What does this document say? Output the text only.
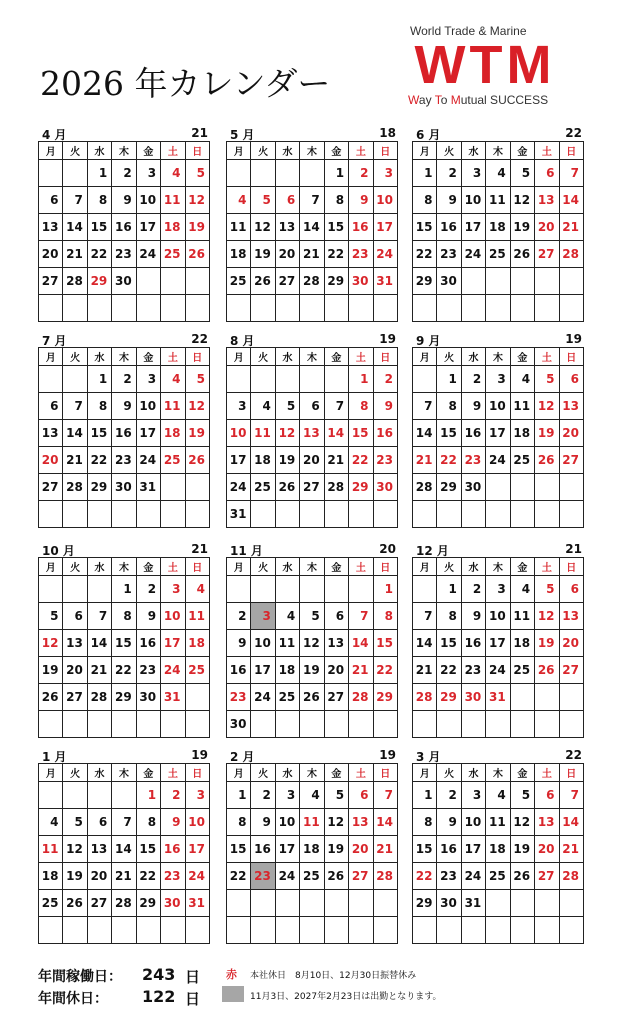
2026 年カレンダー
World Trade & Marine
WTM
Way To Mutual SUCCESS
4 月	21
月	火	水	木	金	土	日
		1	2	3	4	5
6	7	8	9	10	11	12
13	14	15	16	17	18	19
20	21	22	23	24	25	26
27	28	29	30			

5 月	18
月	火	水	木	金	土	日
				1	2	3
4	5	6	7	8	9	10
11	12	13	14	15	16	17
18	19	20	21	22	23	24
25	26	27	28	29	30	31

6 月	22
月	火	水	木	金	土	日
1	2	3	4	5	6	7
8	9	10	11	12	13	14
15	16	17	18	19	20	21
22	23	24	25	26	27	28
29	30					

7 月	22
月	火	水	木	金	土	日
		1	2	3	4	5
6	7	8	9	10	11	12
13	14	15	16	17	18	19
20	21	22	23	24	25	26
27	28	29	30	31		

8 月	19
月	火	水	木	金	土	日
					1	2
3	4	5	6	7	8	9
10	11	12	13	14	15	16
17	18	19	20	21	22	23
24	25	26	27	28	29	30
31						
9 月	19
月	火	水	木	金	土	日
	1	2	3	4	5	6
7	8	9	10	11	12	13
14	15	16	17	18	19	20
21	22	23	24	25	26	27
28	29	30				

10 月	21
月	火	水	木	金	土	日
			1	2	3	4
5	6	7	8	9	10	11
12	13	14	15	16	17	18
19	20	21	22	23	24	25
26	27	28	29	30	31	

11 月	20
月	火	水	木	金	土	日
						1
2	3	4	5	6	7	8
9	10	11	12	13	14	15
16	17	18	19	20	21	22
23	24	25	26	27	28	29
30						
12 月	21
月	火	水	木	金	土	日
	1	2	3	4	5	6
7	8	9	10	11	12	13
14	15	16	17	18	19	20
21	22	23	24	25	26	27
28	29	30	31			

1 月	19
月	火	水	木	金	土	日
				1	2	3
4	5	6	7	8	9	10
11	12	13	14	15	16	17
18	19	20	21	22	23	24
25	26	27	28	29	30	31

2 月	19
月	火	水	木	金	土	日
1	2	3	4	5	6	7
8	9	10	11	12	13	14
15	16	17	18	19	20	21
22	23	24	25	26	27	28

3 月	22
月	火	水	木	金	土	日
1	2	3	4	5	6	7
8	9	10	11	12	13	14
15	16	17	18	19	20	21
22	23	24	25	26	27	28
29	30	31				

年間稼働日： 243 日
年間休日： 122 日
赤 本社休日　8月10日、12月30日振替休み
11月3日、2027年2月23日は出勤となります。
